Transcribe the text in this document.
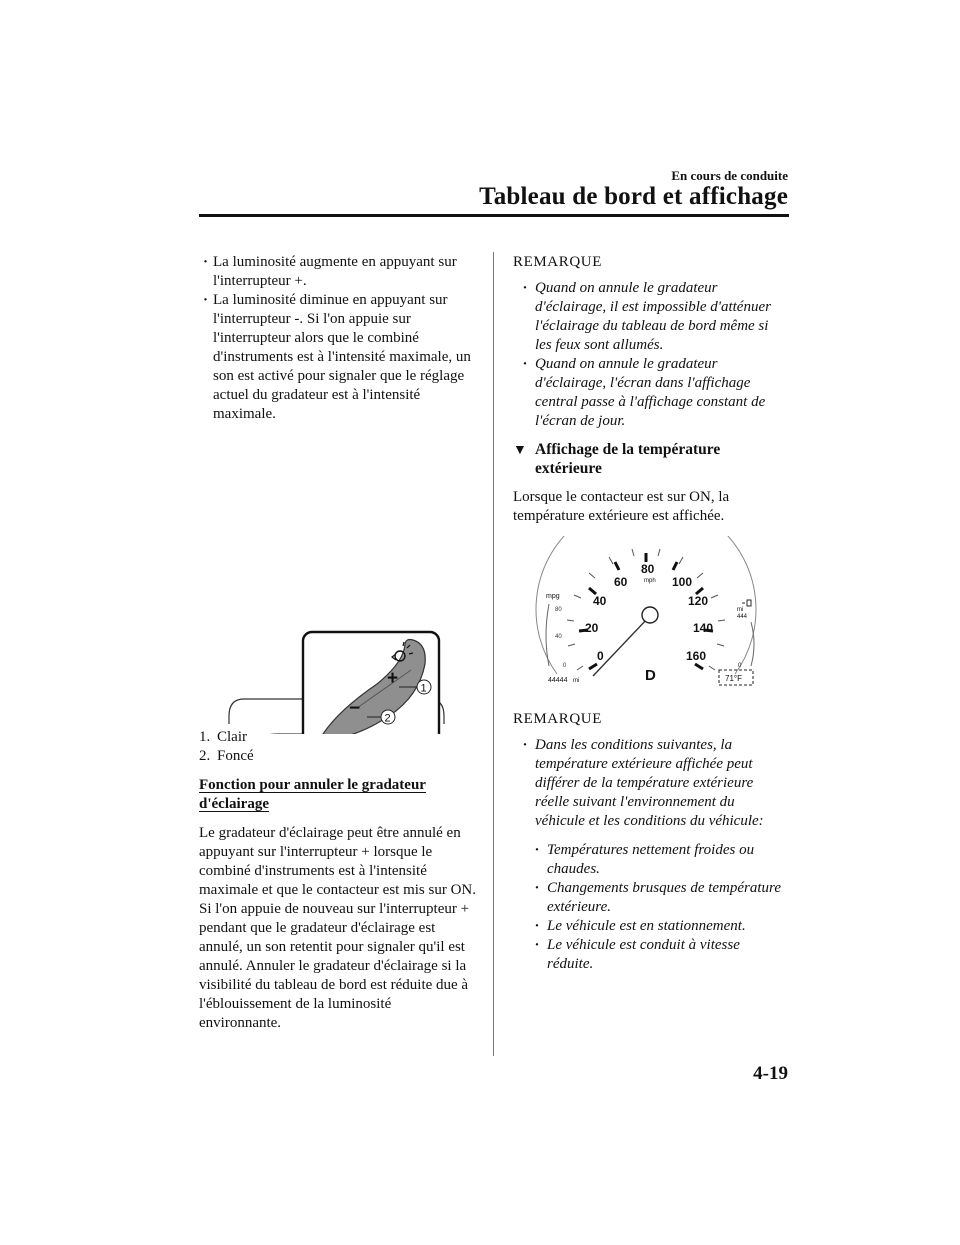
En cours de conduite
Tableau de bord et affichage
· La luminosité augmente en appuyant sur l'interrupteur +.
· La luminosité diminue en appuyant sur l'interrupteur -. Si l'on appuie sur l'interrupteur alors que le combiné d'instruments est à l'intensité maximale, un son est activé pour signaler que le réglage actuel du gradateur est à l'intensité maximale.
+
−
1
2
1. Clair
2. Foncé
Fonction pour annuler le gradateur d'éclairage
Le gradateur d'éclairage peut être annulé en appuyant sur l'interrupteur + lorsque le combiné d'instruments est à l'intensité maximale et que le contacteur est mis sur ON. Si l'on appuie de nouveau sur l'interrupteur + pendant que le gradateur d'éclairage est annulé, un son retentit pour signaler qu'il est annulé. Annuler le gradateur d'éclairage si la visibilité du tableau de bord est réduite due à l'éblouissement de la luminosité environnante.
REMARQUE
· Quand on annule le gradateur d'éclairage, il est impossible d'atténuer l'éclairage du tableau de bord même si les feux sont allumés.
· Quand on annule le gradateur d'éclairage, l'écran dans l'affichage central passe à l'affichage constant de l'écran de jour.
▼ Affichage de la température extérieure
Lorsque le contacteur est sur ON, la température extérieure est affichée.
0
20
40
60
80
100
120
140
160
mph
mpg
80
40
0
mi
444
0
D
44444 mi	71°F
REMARQUE
· Dans les conditions suivantes, la température extérieure affichée peut différer de la température extérieure réelle suivant l'environnement du véhicule et les conditions du véhicule:
· Températures nettement froides ou chaudes.
· Changements brusques de température extérieure.
· Le véhicule est en stationnement.
· Le véhicule est conduit à vitesse réduite.
4-19
